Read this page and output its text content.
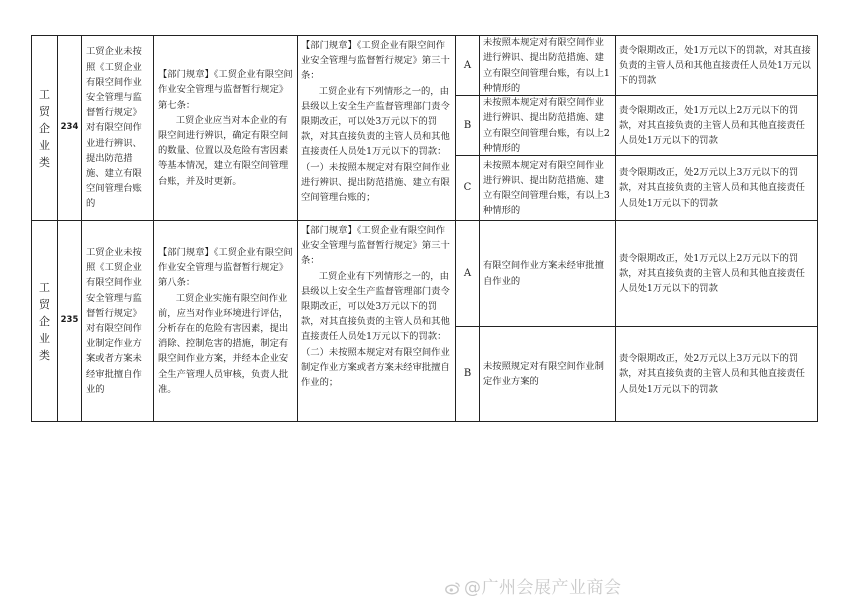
工贸企业类
234
工贸企业未按照《工贸企业有限空间作业安全管理与监督暂行规定》对有限空间作业进行辨识、提出防范措施、建立有限空间管理台账的
【部门规章】《工贸企业有限空间作业安全管理与监督暂行规定》第七条：
工贸企业应当对本企业的有限空间进行辨识，确定有限空间的数量、位置以及危险有害因素等基本情况，建立有限空间管理台账，并及时更新。
【部门规章】《工贸企业有限空间作业安全管理与监督暂行规定》第三十条：
工贸企业有下列情形之一的，由县级以上安全生产监督管理部门责令限期改正，可以处3万元以下的罚款，对其直接负责的主管人员和其他直接责任人员处1万元以下的罚款：（一）未按照本规定对有限空间作业进行辨识、提出防范措施、建立有限空间管理台账的；
A
未按照本规定对有限空间作业进行辨识、提出防范措施、建立有限空间管理台账，有以上1种情形的
责令限期改正，处1万元以下的罚款，对其直接负责的主管人员和其他直接责任人员处1万元以下的罚款
B
未按照本规定对有限空间作业进行辨识、提出防范措施、建立有限空间管理台账，有以上2种情形的
责令限期改正，处1万元以上2万元以下的罚款，对其直接负责的主管人员和其他直接责任人员处1万元以下的罚款
C
未按照本规定对有限空间作业进行辨识、提出防范措施、建立有限空间管理台账，有以上3种情形的
责令限期改正，处2万元以上3万元以下的罚款，对其直接负责的主管人员和其他直接责任人员处1万元以下的罚款
工贸企业类
235
工贸企业未按照《工贸企业有限空间作业安全管理与监督暂行规定》对有限空间作业制定作业方案或者方案未经审批擅自作业的
【部门规章】《工贸企业有限空间作业安全管理与监督暂行规定》第八条：
工贸企业实施有限空间作业前，应当对作业环境进行评估，分析存在的危险有害因素，提出消除、控制危害的措施，制定有限空间作业方案，并经本企业安全生产管理人员审核，负责人批准。
【部门规章】《工贸企业有限空间作业安全管理与监督暂行规定》第三十条：
工贸企业有下列情形之一的，由县级以上安全生产监督管理部门责令限期改正，可以处3万元以下的罚款，对其直接负责的主管人员和其他直接责任人员处1万元以下的罚款：（二）未按照本规定对有限空间作业制定作业方案或者方案未经审批擅自作业的；
A
有限空间作业方案未经审批擅自作业的
责令限期改正，处1万元以上2万元以下的罚款，对其直接负责的主管人员和其他直接责任人员处1万元以下的罚款
B
未按照规定对有限空间作业制定作业方案的
责令限期改正，处2万元以上3万元以下的罚款，对其直接负责的主管人员和其他直接责任人员处1万元以下的罚款
@广州会展产业商会
